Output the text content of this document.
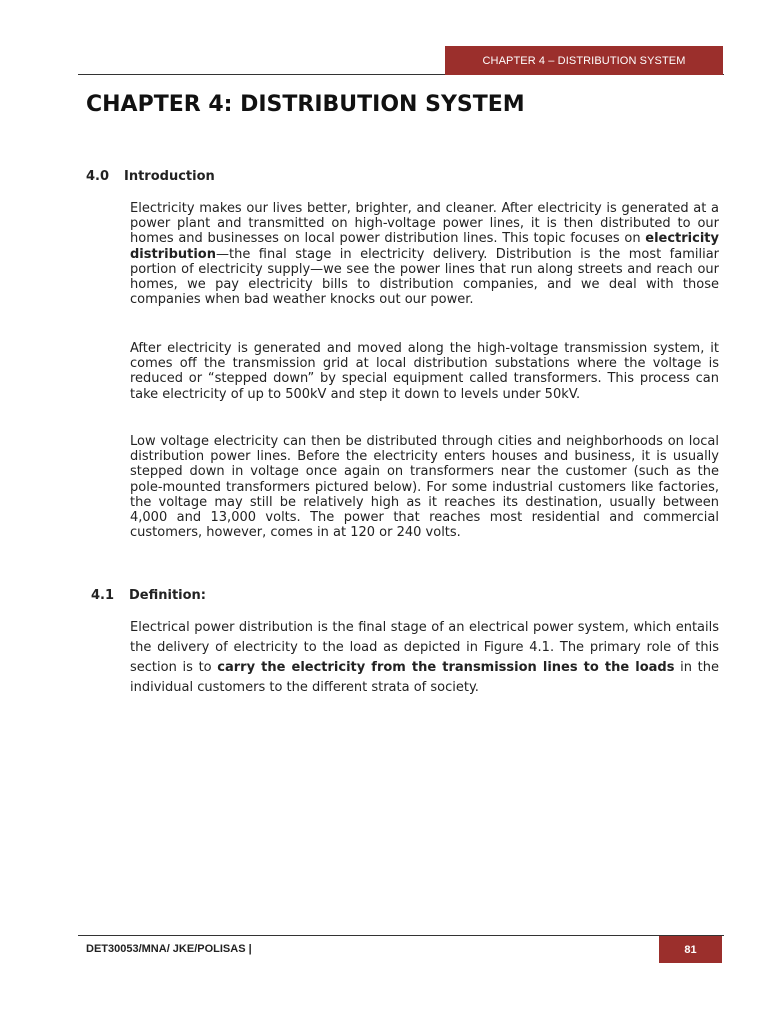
CHAPTER 4 – DISTRIBUTION SYSTEM
CHAPTER 4: DISTRIBUTION SYSTEM
4.0 Introduction

Electricity makes our lives better, brighter, and cleaner. After electricity is generated at a power plant and transmitted on high-voltage power lines, it is then distributed to our homes and businesses on local power distribution lines. This topic focuses on electricity distribution—the final stage in electricity delivery. Distribution is the most familiar portion of electricity supply—we see the power lines that run along streets and reach our homes, we pay electricity bills to distribution companies, and we deal with those companies when bad weather knocks out our power.

After electricity is generated and moved along the high-voltage transmission system, it comes off the transmission grid at local distribution substations where the voltage is reduced or “stepped down” by special equipment called transformers. This process can take electricity of up to 500kV and step it down to levels under 50kV.

Low voltage electricity can then be distributed through cities and neighborhoods on local distribution power lines. Before the electricity enters houses and business, it is usually stepped down in voltage once again on transformers near the customer (such as the pole-mounted transformers pictured below). For some industrial customers like factories, the voltage may still be relatively high as it reaches its destination, usually between 4,000 and 13,000 volts. The power that reaches most residential and commercial customers, however, comes in at 120 or 240 volts.

4.1 Definition:

Electrical power distribution is the final stage of an electrical power system, which entails the delivery of electricity to the load as depicted in Figure 4.1. The primary role of this section is to carry the electricity from the transmission lines to the loads in the individual customers to the different strata of society.

DET30053/MNA/ JKE/POLISAS |	81
